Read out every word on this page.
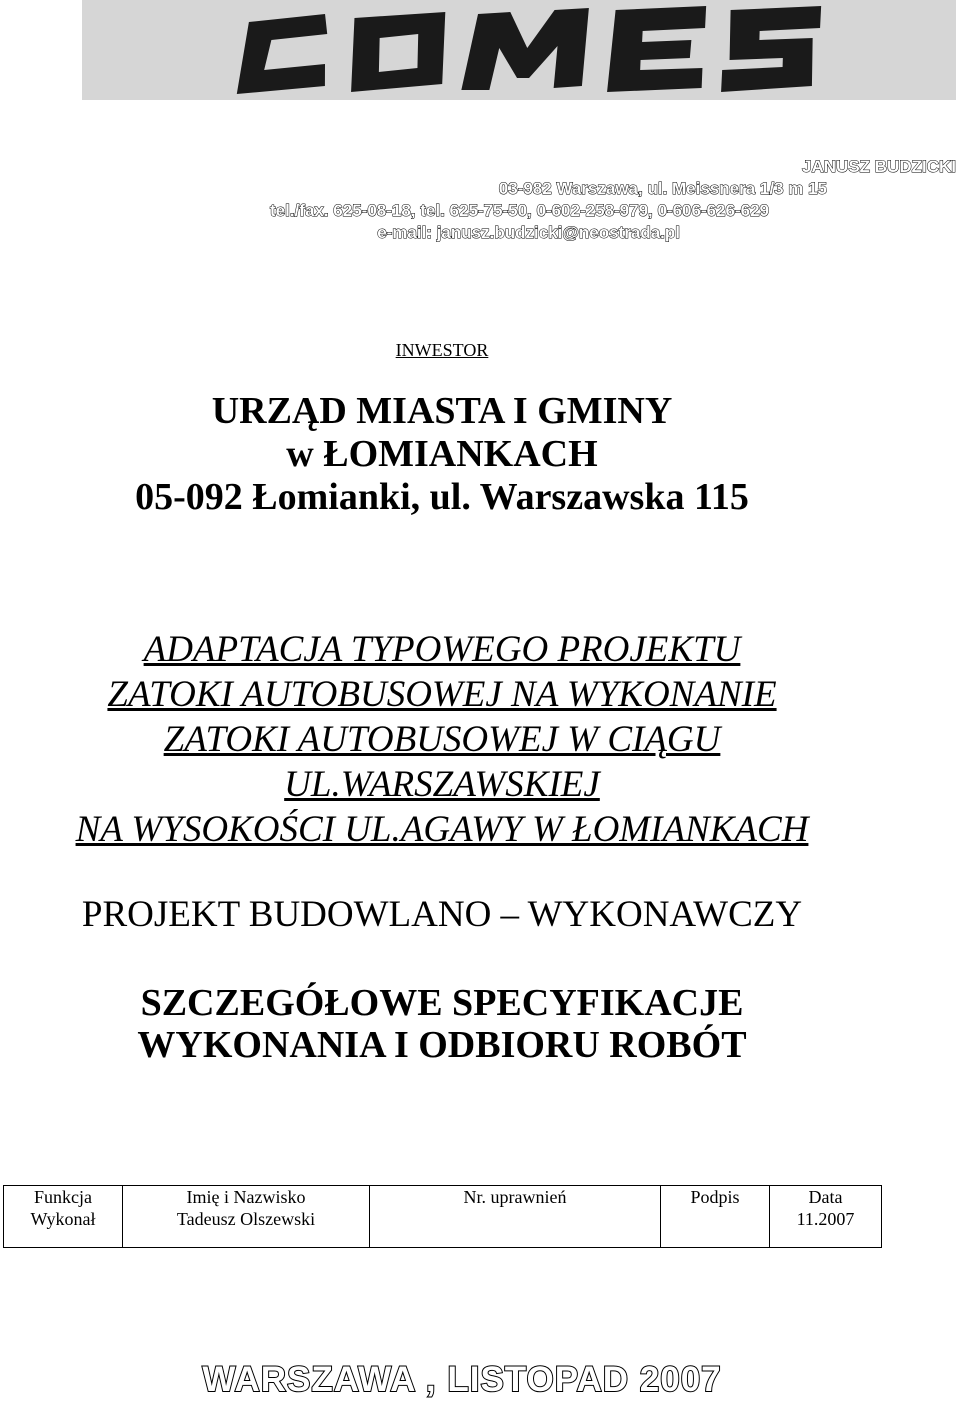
JANUSZ BUDZICKI
03-982 Warszawa, ul. Meissnera 1/3 m 15
tel./fax. 625-08-18, tel. 625-75-50, 0-602-258-979, 0-606-626-629
e-mail: janusz.budzicki@neostrada.pl
INWESTOR
URZĄD MIASTA I GMINY
w ŁOMIANKACH
05-092 Łomianki, ul. Warszawska 115
ADAPTACJA TYPOWEGO PROJEKTU
ZATOKI AUTOBUSOWEJ NA WYKONANIE
ZATOKI AUTOBUSOWEJ W CIĄGU
UL.WARSZAWSKIEJ
NA WYSOKOŚCI UL.AGAWY W ŁOMIANKACH
PROJEKT BUDOWLANO – WYKONAWCZY
SZCZEGÓŁOWE SPECYFIKACJE
WYKONANIA I ODBIORU ROBÓT
Funkcja	Imię i Nazwisko	Nr. uprawnień	Podpis	Data
Wykonał	Tadeusz Olszewski			11.2007
WARSZAWA , LISTOPAD 2007
